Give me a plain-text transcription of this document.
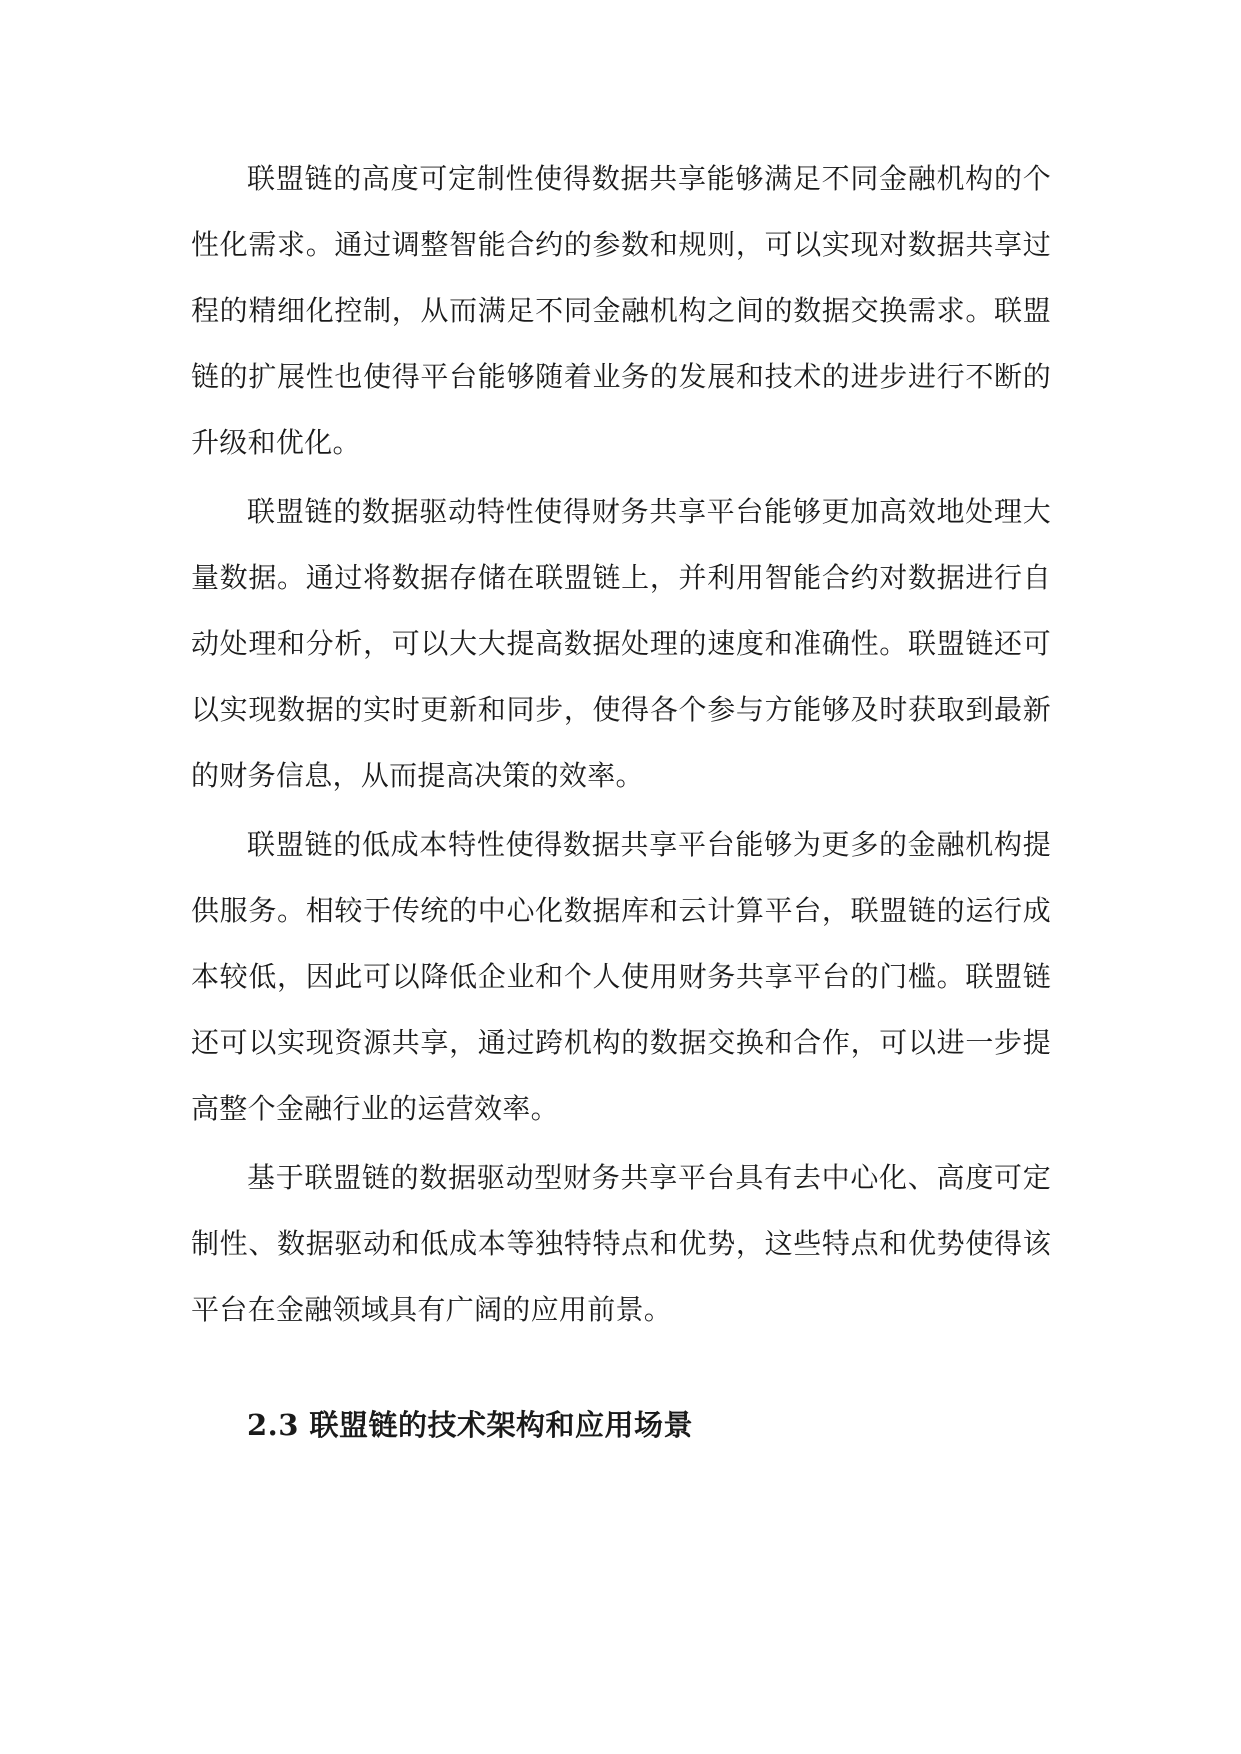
联盟链的高度可定制性使得数据共享能够满足不同金融机构的个性化需求。通过调整智能合约的参数和规则，可以实现对数据共享过程的精细化控制，从而满足不同金融机构之间的数据交换需求。联盟链的扩展性也使得平台能够随着业务的发展和技术的进步进行不断的升级和优化。

联盟链的数据驱动特性使得财务共享平台能够更加高效地处理大量数据。通过将数据存储在联盟链上，并利用智能合约对数据进行自动处理和分析，可以大大提高数据处理的速度和准确性。联盟链还可以实现数据的实时更新和同步，使得各个参与方能够及时获取到最新的财务信息，从而提高决策的效率。

联盟链的低成本特性使得数据共享平台能够为更多的金融机构提供服务。相较于传统的中心化数据库和云计算平台，联盟链的运行成本较低，因此可以降低企业和个人使用财务共享平台的门槛。联盟链还可以实现资源共享，通过跨机构的数据交换和合作，可以进一步提高整个金融行业的运营效率。

基于联盟链的数据驱动型财务共享平台具有去中心化、高度可定制性、数据驱动和低成本等独特特点和优势，这些特点和优势使得该平台在金融领域具有广阔的应用前景。

2.3 联盟链的技术架构和应用场景
